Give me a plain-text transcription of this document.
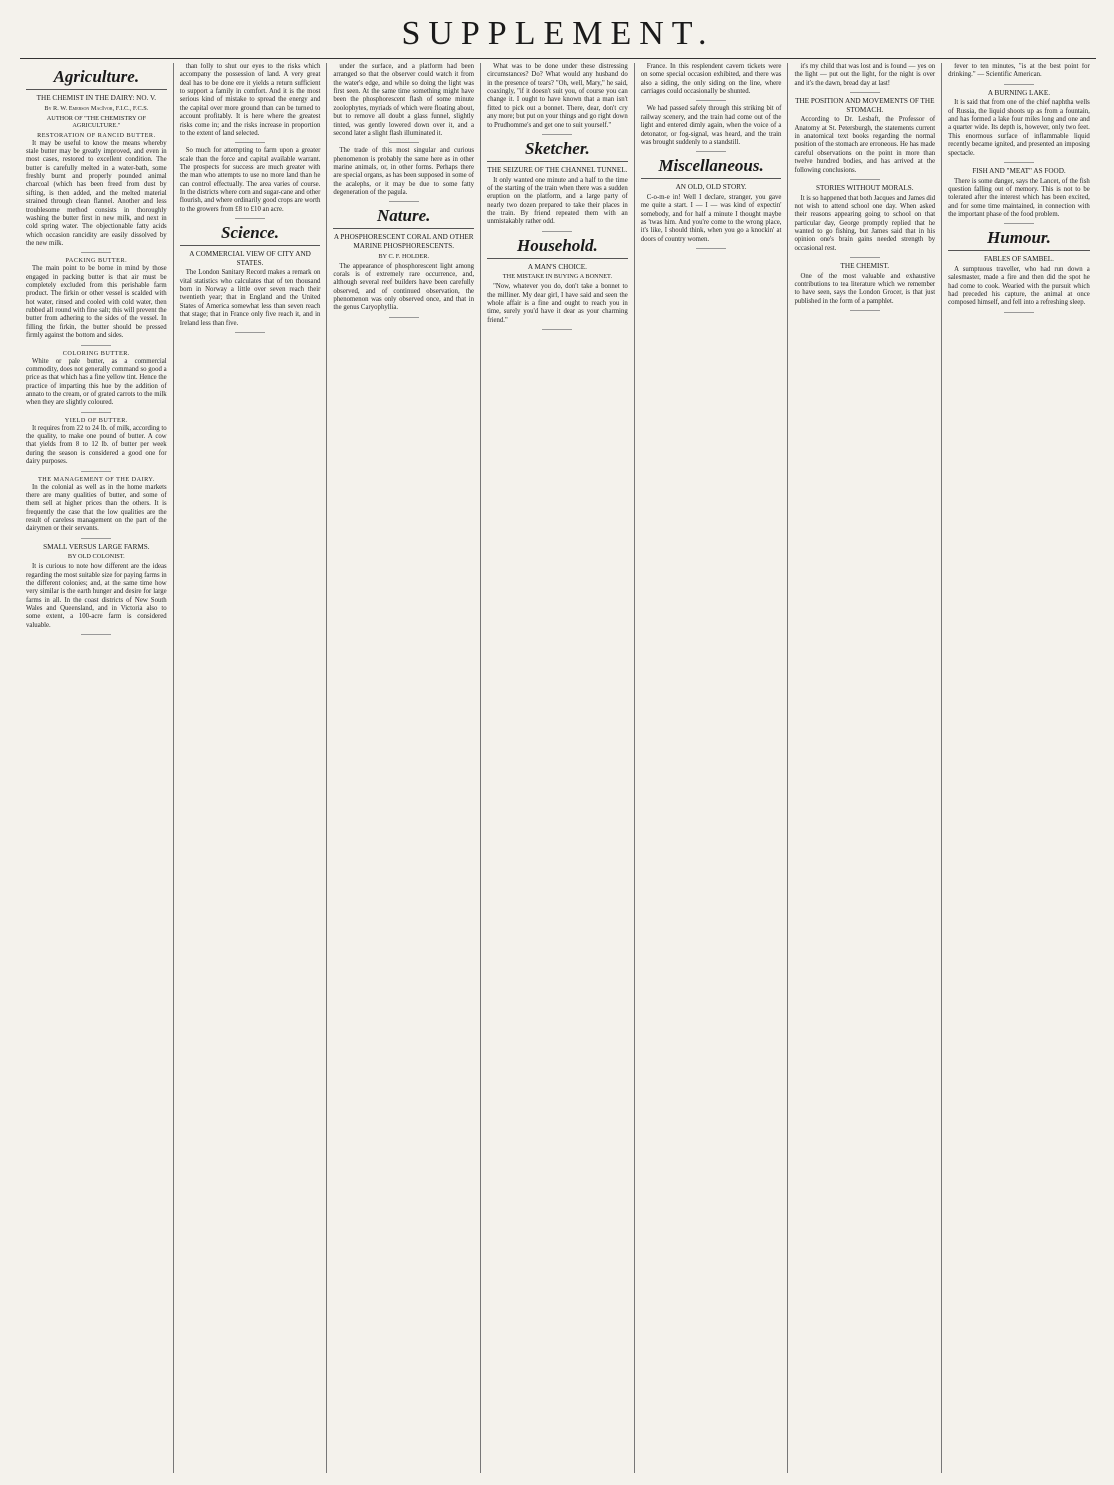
SUPPLEMENT.
Agriculture.
THE CHEMIST IN THE DAIRY: NO. V.
By R. W. Emerson MacIvor, F.I.C., F.C.S.
AUTHOR OF "THE CHEMISTRY OF AGRICULTURE."
RESTORATION OF RANCID BUTTER.

It may be useful to know the means whereby stale butter may be greatly improved, and even in most cases, restored to excellent condition. The butter is carefully melted in a water-bath, some freshly burnt and properly pounded animal charcoal (which has been freed from dust by sifting, is then added, and the melted material strained through clean flannel. Another and less troublesome method consists in thoroughly washing the butter first in new milk, and next in cold spring water. The objectionable fatty acids which occasion rancidity are easily dissolved by the new milk.

PACKING BUTTER.

The main point to be borne in mind by those engaged in packing butter is that air must be completely excluded from this perishable farm product. The firkin or other vessel is scalded with hot water, rinsed and cooled with cold water, then rubbed all round with fine salt; this will prevent the butter from adhering to the sides of the vessel. In filling the firkin, the butter should be pressed firmly against the bottom and sides.

COLORING BUTTER.

White or pale butter, as a commercial commodity, does not generally command so good a price as that which has a fine yellow tint. Hence the practice of imparting this hue by the addition of annato to the cream, or of grated carrots to the milk when they are slightly coloured.

YIELD OF BUTTER.

It requires from 22 to 24 lb. of milk, according to the quality, to make one pound of butter. A cow that yields from 8 to 12 lb. of butter per week during the season is considered a good one for dairy purposes.

THE MANAGEMENT OF THE DAIRY.

In the colonial as well as in the home markets there are many qualities of butter, and some of them sell at higher prices than the others. It is frequently the case that the low qualities are the result of careless management on the part of the dairymen or their servants.

SMALL VERSUS LARGE FARMS.
BY OLD COLONIST.

It is curious to note how different are the ideas regarding the most suitable size for paying farms in the different colonies; and, at the same time how very similar is the earth hunger and desire for large farms in all. In the coast districts of New South Wales and Queensland, and in Victoria also to some extent, a 100-acre farm is considered valuable.

than folly to shut our eyes to the risks which accompany the possession of land. A very great deal has to be done ere it yields a return sufficient to support a family in comfort. And it is the most serious kind of mistake to spread the energy and the capital over more ground than can be turned to account profitably. It is here where the greatest risks come in; and the risks increase in proportion to the extent of land selected.

So much for attempting to farm upon a greater scale than the force and capital available warrant. The prospects for success are much greater with the man who attempts to use no more land than he can control effectually. The area varies of course. In the districts where corn and sugar-cane and other flourish, and where ordinarily good crops are worth to the growers from £8 to £10 an acre.

Science.
A COMMERCIAL VIEW OF CITY AND STATES.

The London Sanitary Record makes a remark on vital statistics who calculates that of ten thousand born in Norway a little over seven reach their twentieth year; that in England and the United States of America somewhat less than seven reach that stage; that in France only five reach it, and in Ireland less than five.

under the surface, and a platform had been arranged so that the observer could watch it from the water's edge, and while so doing the light was first seen. At the same time something might have been the phosphorescent flash of some minute zoolophytes, myriads of which were floating about, but to remove all doubt a glass funnel, slightly tinted, was gently lowered down over it, and a second later a slight flash illuminated it.

The trade of this most singular and curious phenomenon is probably the same here as in other marine animals, or, in other forms. Perhaps there are special organs, as has been supposed in some of the acalephs, or it may be due to some fatty degeneration of the pagula.

Nature.
A PHOSPHORESCENT CORAL AND OTHER MARINE PHOSPHORESCENTS.
BY C. F. HOLDER.

The appearance of phosphorescent light among corals is of extremely rare occurrence, and, although several reef builders have been carefully observed, and of continued observation, the phenomenon was only observed once, and that in the genus Caryophyllia.

What was to be done under these distressing circumstances? Do? What would any husband do in the presence of tears? "Oh, well, Mary," he said, coaxingly, "if it doesn't suit you, of course you can change it. I ought to have known that a man isn't fitted to pick out a bonnet. There, dear, don't cry any more; but put on your things and go right down to Prudhomme's and get one to suit yourself."

Sketcher.
THE SEIZURE OF THE CHANNEL TUNNEL.

It only wanted one minute and a half to the time of the starting of the train when there was a sudden eruption on the platform, and a large party of nearly two dozen prepared to take their places in the train. By friend repeated them with an unmistakably rather odd.

Household.
A MAN'S CHOICE.
THE MISTAKE IN BUYING A BONNET.

"Now, whatever you do, don't take a bonnet to the milliner. My dear girl, I have said and seen the whole affair is a fine and ought to reach you in time, surely you'd have it dear as your charming friend."

France. In this resplendent cavern tickets were on some special occasion exhibited, and there was also a siding, the only siding on the line, where carriages could occasionally be shunted.

We had passed safely through this striking bit of railway scenery, and the train had come out of the light and entered dimly again, when the voice of a detonator, or fog-signal, was heard, and the train was brought suddenly to a standstill.

Miscellaneous.
AN OLD, OLD STORY.

C-o-m-e in! Well I declare, stranger, you gave me quite a start. I — I — was kind of expectin' somebody, and for half a minute I thought maybe as 'twas him. And you're come to the wrong place, it's like, I should think, when you go a knockin' at doors of country women.

it's my child that was lost and is found — yes on the light — put out the light, for the night is over and it's the dawn, bread day at last!

THE POSITION AND MOVEMENTS OF THE STOMACH.

According to Dr. Lesbaft, the Professor of Anatomy at St. Petersburgh, the statements current in anatomical text books regarding the normal position of the stomach are erroneous. He has made careful observations on the point in more than twelve hundred bodies, and has arrived at the following conclusions.

STORIES WITHOUT MORALS.

It is so happened that both Jacques and James did not wish to attend school one day. When asked their reasons appearing going to school on that particular day, George promptly replied that he wanted to go fishing, but James said that in his opinion one's brain gains needed strength by occasional rest.

THE CHEMIST.

One of the most valuable and exhaustive contributions to tea literature which we remember to have seen, says the London Grocer, is that just published in the form of a pamphlet.

fever to ten minutes, "is at the best point for drinking." — Scientific American.

A BURNING LAKE.

It is said that from one of the chief naphtha wells of Russia, the liquid shoots up as from a fountain, and has formed a lake four miles long and one and a quarter wide. Its depth is, however, only two feet. This enormous surface of inflammable liquid recently became ignited, and presented an imposing spectacle.

FISH AND "MEAT" AS FOOD.

There is some danger, says the Lancet, of the fish question falling out of memory. This is not to be tolerated after the interest which has been excited, and for some time maintained, in connection with the important phase of the food problem.

Humour.
FABLES OF SAMBEL.

A sumptuous traveller, who had run down a salesmaster, made a fire and then did the spot he had come to cook. Wearied with the pursuit which had preceded his capture, the animal at once composed himself, and fell into a refreshing sleep.
